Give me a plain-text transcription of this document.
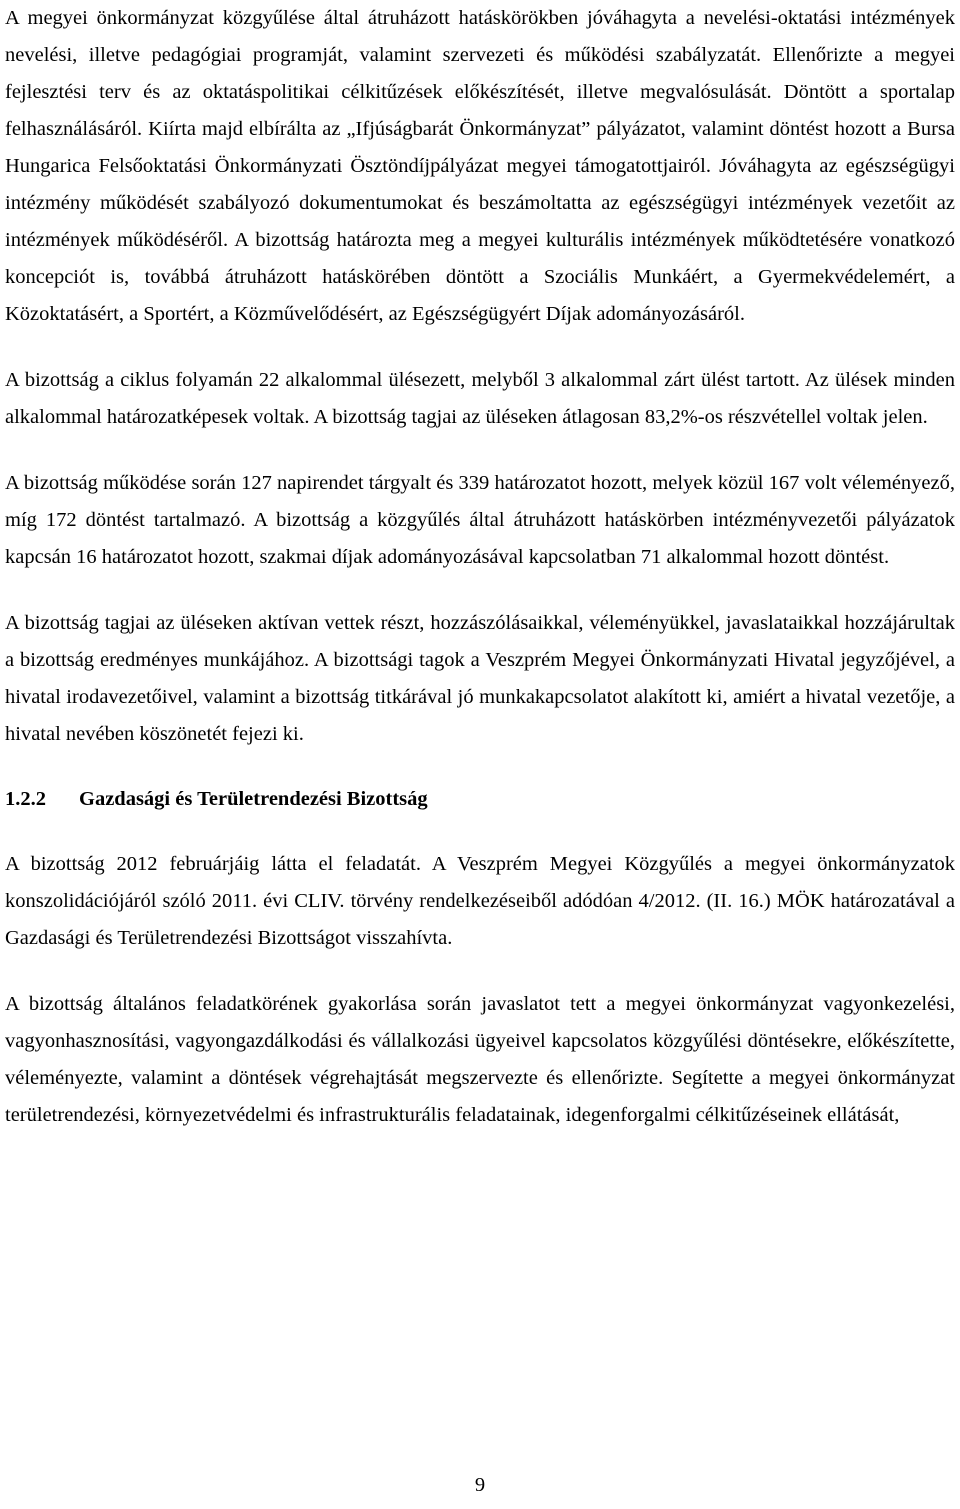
A megyei önkormányzat közgyűlése által átruházott hatáskörökben jóváhagyta a nevelési-oktatási intézmények nevelési, illetve pedagógiai programját, valamint szervezeti és működési szabályzatát. Ellenőrizte a megyei fejlesztési terv és az oktatáspolitikai célkitűzések előkészítését, illetve megvalósulását. Döntött a sportalap felhasználásáról. Kiírta majd elbírálta az „Ifjúságbarát Önkormányzat” pályázatot, valamint döntést hozott a Bursa Hungarica Felsőoktatási Önkormányzati Ösztöndíjpályázat megyei támogatottjairól. Jóváhagyta az egészségügyi intézmény működését szabályozó dokumentumokat és beszámoltatta az egészségügyi intézmények vezetőit az intézmények működéséről. A bizottság határozta meg a megyei kulturális intézmények működtetésére vonatkozó koncepciót is, továbbá átruházott hatáskörében döntött a Szociális Munkáért, a Gyermekvédelemért, a Közoktatásért, a Sportért, a Közművelődésért, az Egészségügyért Díjak adományozásáról.

A bizottság a ciklus folyamán 22 alkalommal ülésezett, melyből 3 alkalommal zárt ülést tartott. Az ülések minden alkalommal határozatképesek voltak. A bizottság tagjai az üléseken átlagosan 83,2%-os részvétellel voltak jelen.

A bizottság működése során 127 napirendet tárgyalt és 339 határozatot hozott, melyek közül 167 volt véleményező, míg 172 döntést tartalmazó. A bizottság a közgyűlés által átruházott hatáskörben intézményvezetői pályázatok kapcsán 16 határozatot hozott, szakmai díjak adományozásával kapcsolatban 71 alkalommal hozott döntést.

A bizottság tagjai az üléseken aktívan vettek részt, hozzászólásaikkal, véleményükkel, javaslataikkal hozzájárultak a bizottság eredményes munkájához. A bizottsági tagok a Veszprém Megyei Önkormányzati Hivatal jegyzőjével, a hivatal irodavezetőivel, valamint a bizottság titkárával jó munkakapcsolatot alakított ki, amiért a hivatal vezetője, a hivatal nevében köszönetét fejezi ki.

1.2.2	Gazdasági és Területrendezési Bizottság

A bizottság 2012 februárjáig látta el feladatát. A Veszprém Megyei Közgyűlés a megyei önkormányzatok konszolidációjáról szóló 2011. évi CLIV. törvény rendelkezéseiből adódóan 4/2012. (II. 16.) MÖK határozatával a Gazdasági és Területrendezési Bizottságot visszahívta.

A bizottság általános feladatkörének gyakorlása során javaslatot tett a megyei önkormányzat vagyonkezelési, vagyonhasznosítási, vagyongazdálkodási és vállalkozási ügyeivel kapcsolatos közgyűlési döntésekre, előkészítette, véleményezte, valamint a döntések végrehajtását megszervezte és ellenőrizte. Segítette a megyei önkormányzat területrendezési, környezetvédelmi és infrastrukturális feladatainak, idegenforgalmi célkitűzéseinek ellátását,

9
